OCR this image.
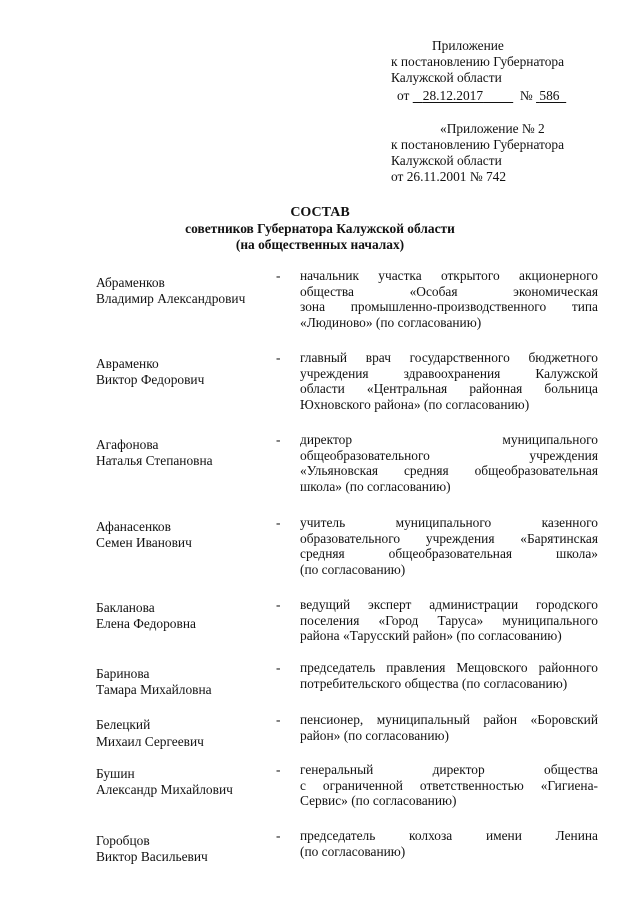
Приложение
к постановлению Губернатора
Калужской области
от 28.12.2017	№ 586
«Приложение № 2
к постановлению Губернатора
Калужской области
от 26.11.2001 № 742
СОСТАВ
советников Губернатора Калужской области
(на общественных началах)
Абраменков
Владимир Александрович
- начальник участка открытого акционерного
общества «Особая экономическая
зона промышленно-производственного типа
«Людиново» (по согласованию)
Авраменко
Виктор Федорович
- главный врач государственного бюджетного
учреждения здравоохранения Калужской
области «Центральная районная больница
Юхновского района» (по согласованию)
Агафонова
Наталья Степановна
- директор муниципального
общеобразовательного учреждения
«Ульяновская средняя общеобразовательная
школа» (по согласованию)
Афанасенков
Семен Иванович
- учитель муниципального казенного
образовательного учреждения «Барятинская
средняя общеобразовательная школа»
(по согласованию)
Бакланова
Елена Федоровна
- ведущий эксперт администрации городского
поселения «Город Таруса» муниципального
района «Тарусский район» (по согласованию)
Баринова
Тамара Михайловна
- председатель правления Мещовского районного
потребительского общества (по согласованию)
Белецкий
Михаил Сергеевич
- пенсионер, муниципальный район «Боровский
район» (по согласованию)
Бушин
Александр Михайлович
- генеральный директор общества
с ограниченной ответственностью «Гигиена-
Сервис» (по согласованию)
Горобцов
Виктор Васильевич
- председатель колхоза имени Ленина
(по согласованию)
